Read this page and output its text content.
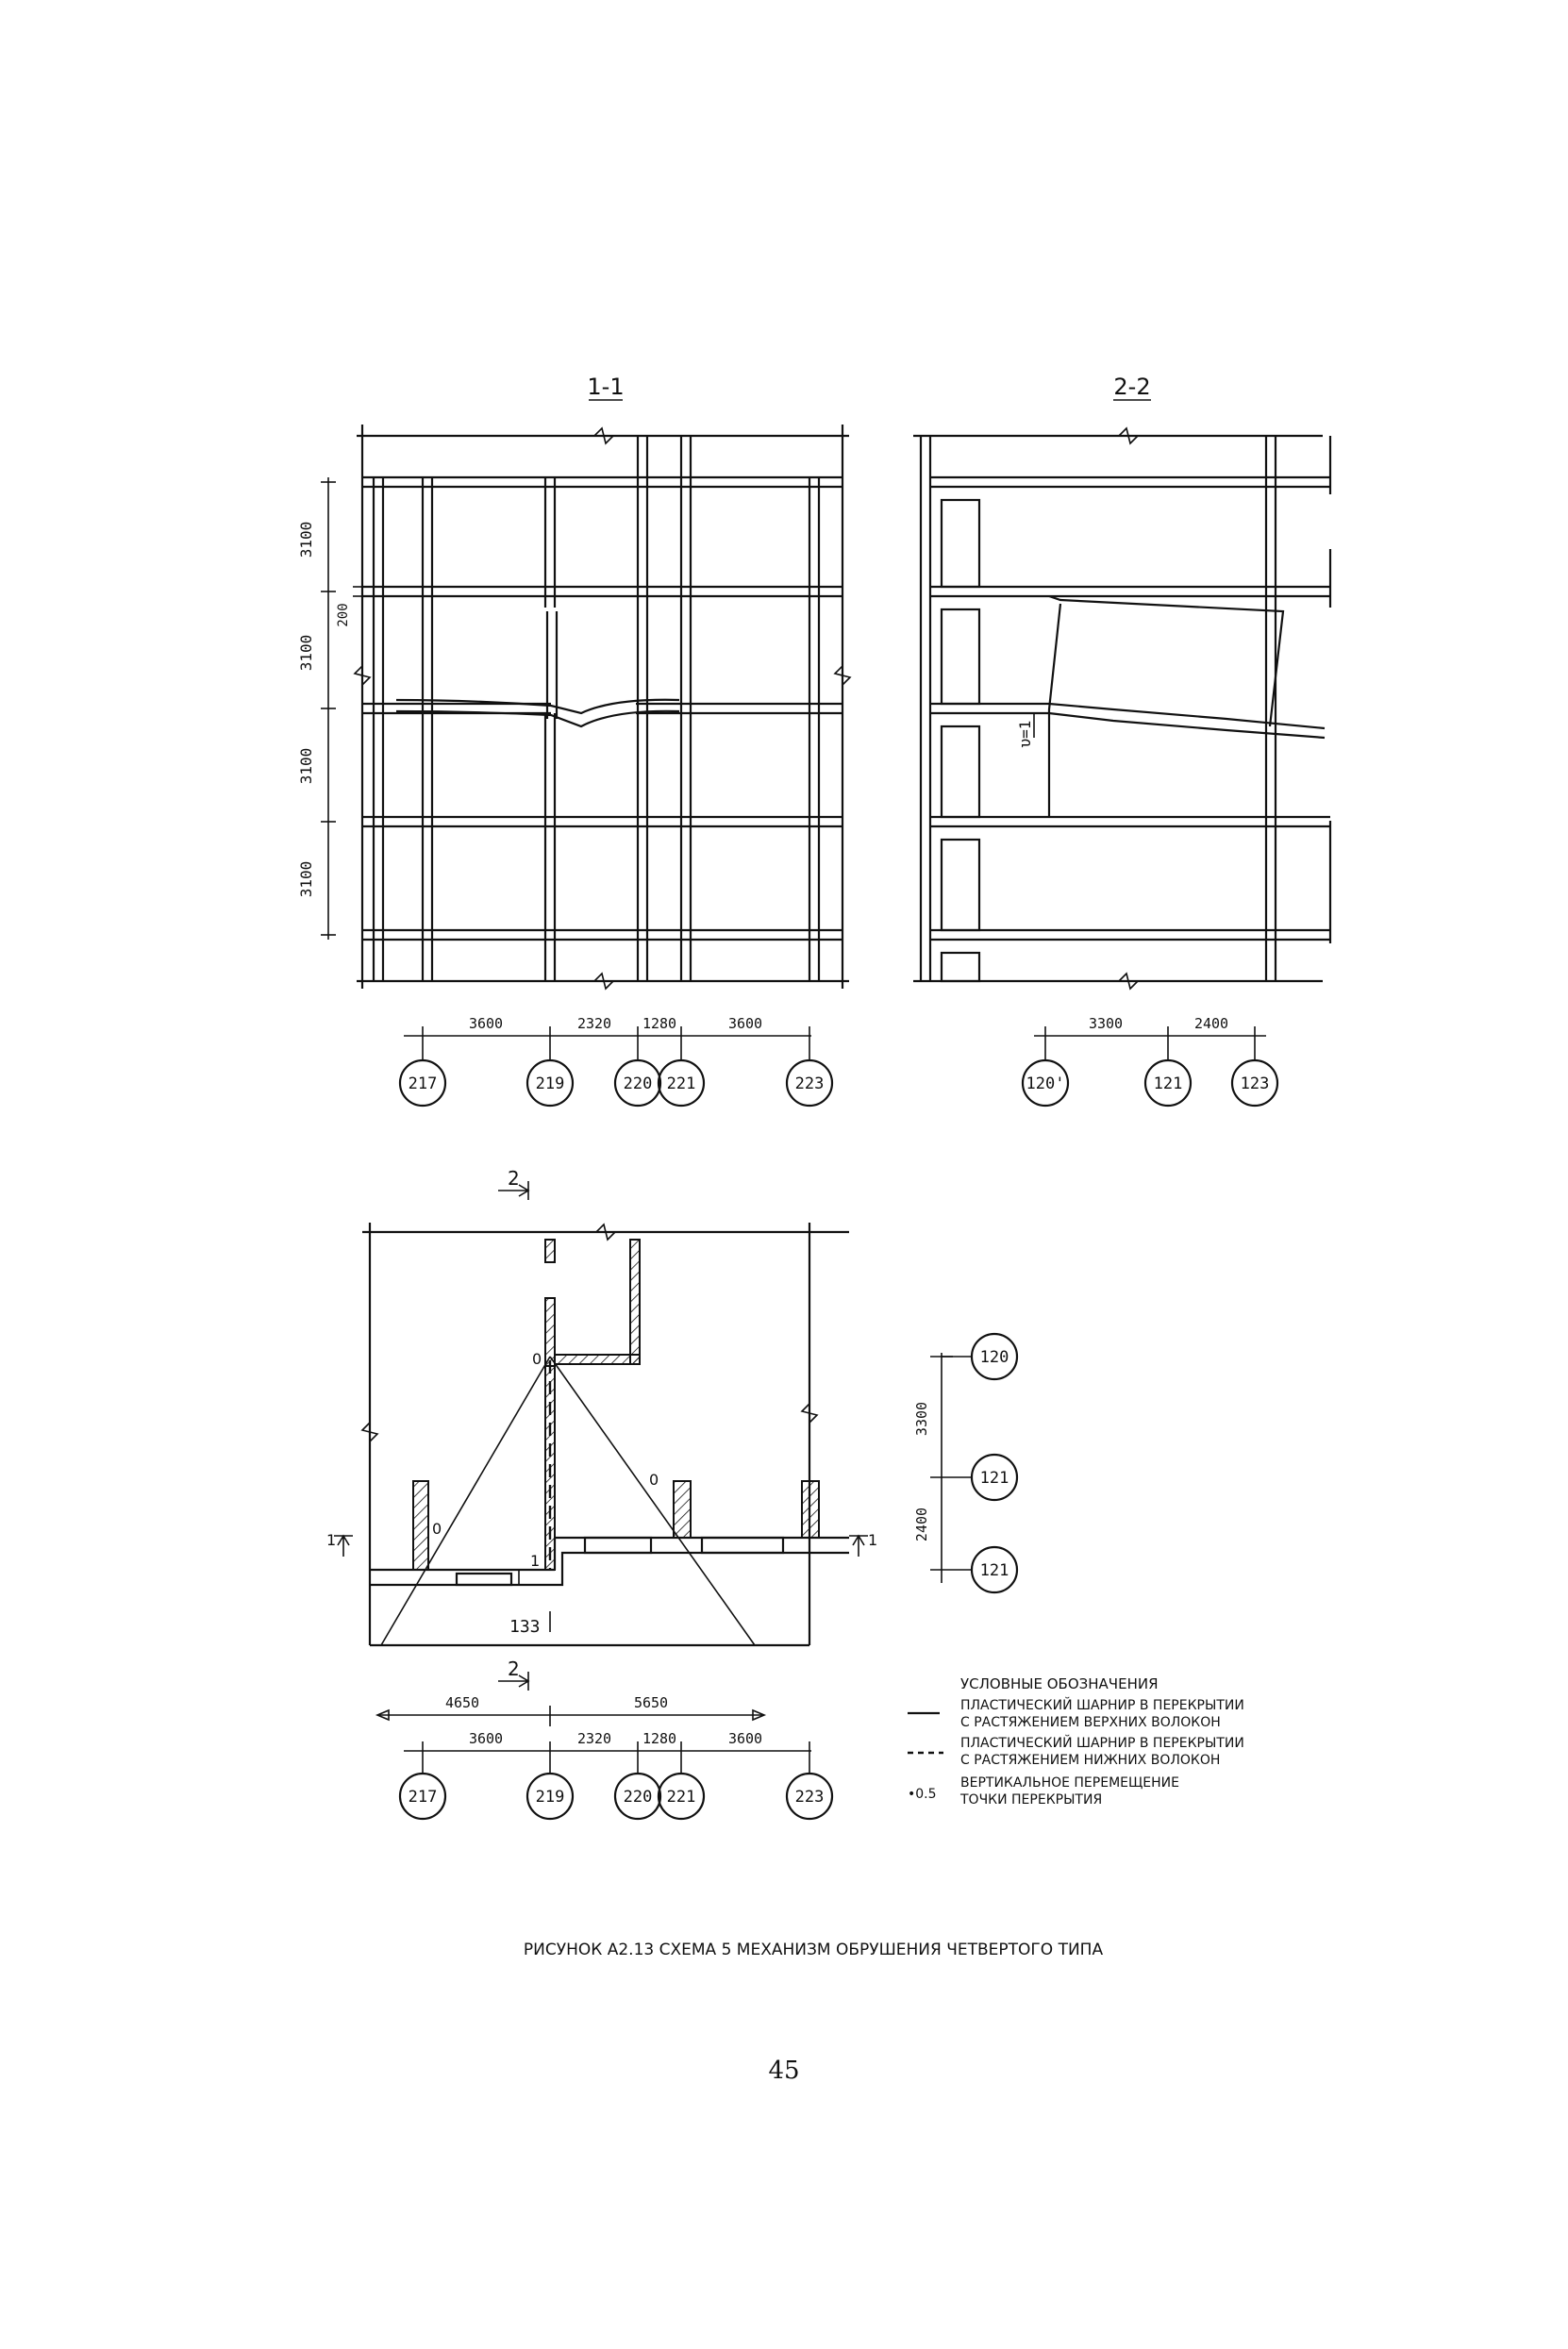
1-1
3100
3100
3100
3100
200
3600	2320 1280	3600
217	219	220 221	223
2-2
υ=1
3300	2400
120'	121	123
2
2
0
0
0
1
133
1	1
4650	5650
3600	2320 1280	3600
217	219	220 221	223
3300
2400
120
121
121
УСЛОВНЫЕ ОБОЗНАЧЕНИЯ
ПЛАСТИЧЕСКИЙ ШАРНИР В ПЕРЕКРЫТИИ
С РАСТЯЖЕНИЕМ ВЕРХНИХ ВОЛОКОН
ПЛАСТИЧЕСКИЙ ШАРНИР В ПЕРЕКРЫТИИ
С РАСТЯЖЕНИЕМ НИЖНИХ ВОЛОКОН
•0.5
ВЕРТИКАЛЬНОЕ ПЕРЕМЕЩЕНИЕ
ТОЧКИ ПЕРЕКРЫТИЯ
РИСУНОК А2.13 СХЕМА 5 МЕХАНИЗМ ОБРУШЕНИЯ ЧЕТВЕРТОГО ТИПА
45
